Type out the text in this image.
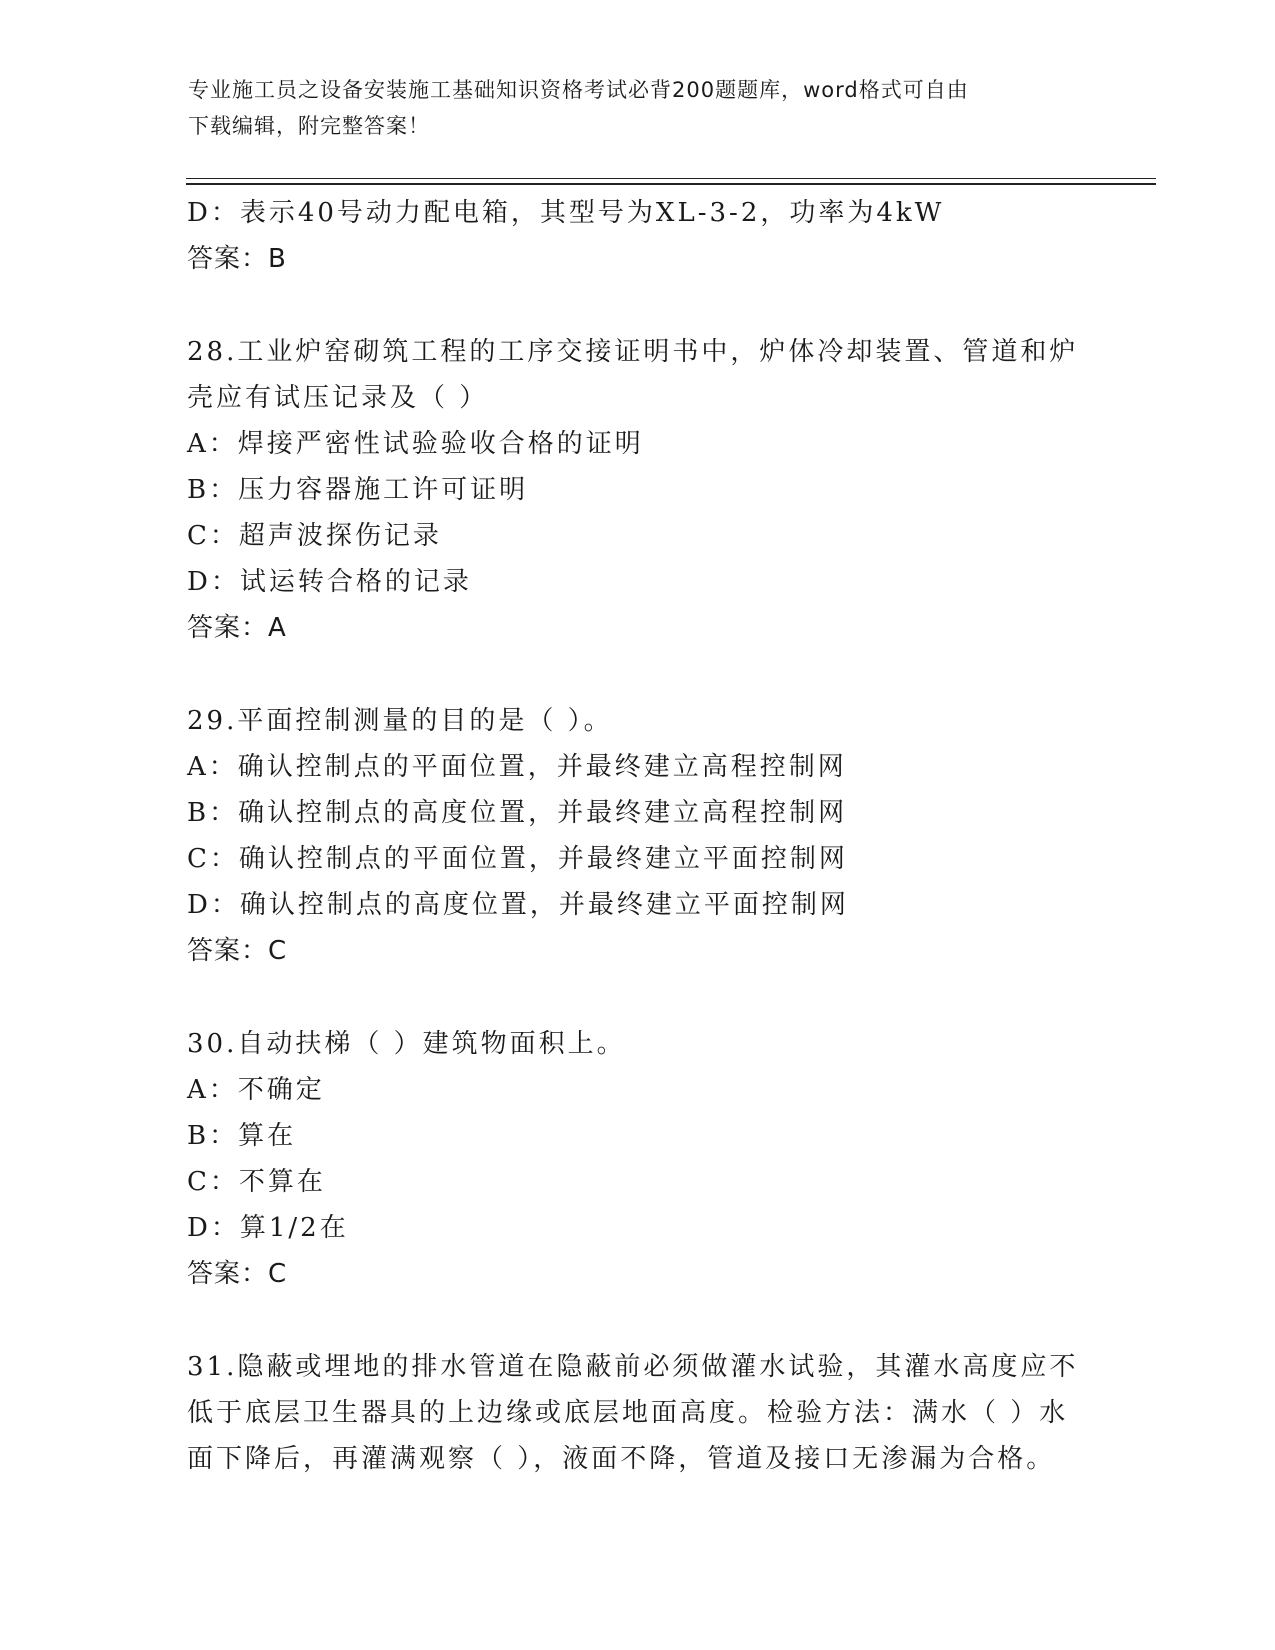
专业施工员之设备安装施工基础知识资格考试必背200题题库，word格式可自由
下载编辑，附完整答案！
D：表示40号动力配电箱，其型号为XL-3-2，功率为4kW
答案：B
28.工业炉窑砌筑工程的工序交接证明书中，炉体冷却装置、管道和炉
壳应有试压记录及（ ）
A：焊接严密性试验验收合格的证明
B：压力容器施工许可证明
C：超声波探伤记录
D：试运转合格的记录
答案：A
29.平面控制测量的目的是（ ）。
A：确认控制点的平面位置，并最终建立高程控制网
B：确认控制点的高度位置，并最终建立高程控制网
C：确认控制点的平面位置，并最终建立平面控制网
D：确认控制点的高度位置，并最终建立平面控制网
答案：C
30.自动扶梯（ ）建筑物面积上。
A：不确定
B：算在
C：不算在
D：算1/2在
答案：C
31.隐蔽或埋地的排水管道在隐蔽前必须做灌水试验，其灌水高度应不
低于底层卫生器具的上边缘或底层地面高度。检验方法：满水（ ）水
面下降后，再灌满观察（ ），液面不降，管道及接口无渗漏为合格。
